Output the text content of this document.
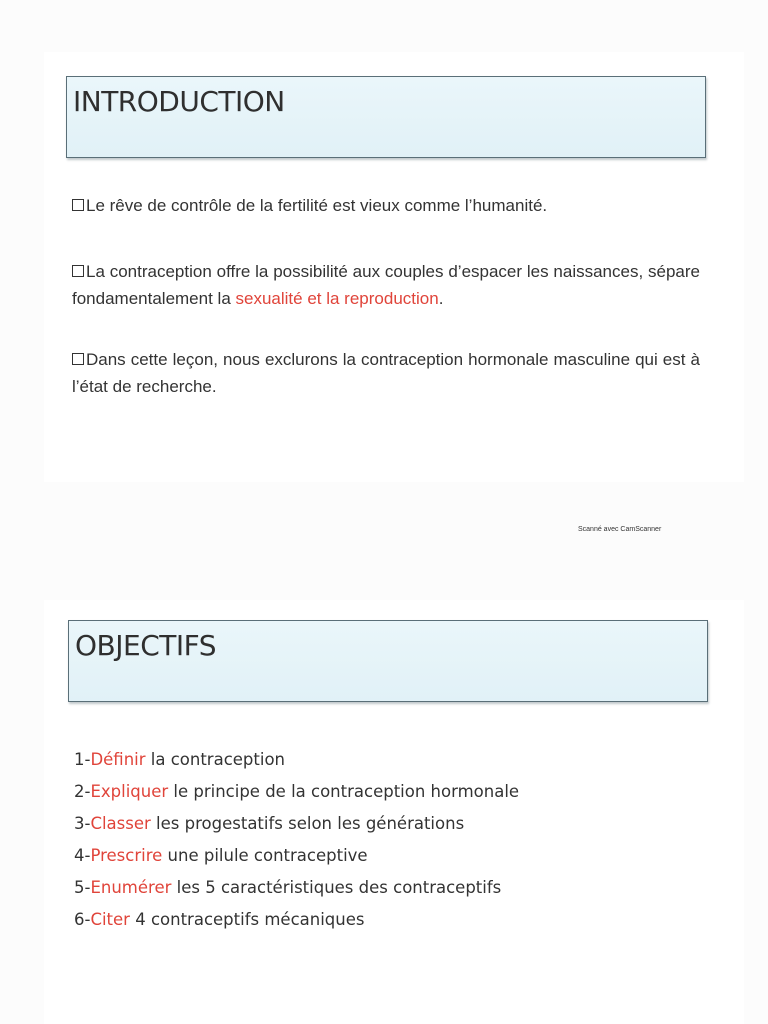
INTRODUCTION
Le rêve de contrôle de la fertilité est vieux comme l’humanité.
La contraception offre la possibilité aux couples d’espacer les naissances, sépare fondamentalement la sexualité et la reproduction.
Dans cette leçon, nous exclurons la contraception hormonale masculine qui est à l’état de recherche.
Scanné avec CamScanner
OBJECTIFS
1-Définir la contraception
2-Expliquer le principe de la contraception hormonale
3-Classer les progestatifs selon les générations
4-Prescrire une pilule contraceptive
5-Enumérer les 5 caractéristiques des contraceptifs
6-Citer 4 contraceptifs mécaniques
